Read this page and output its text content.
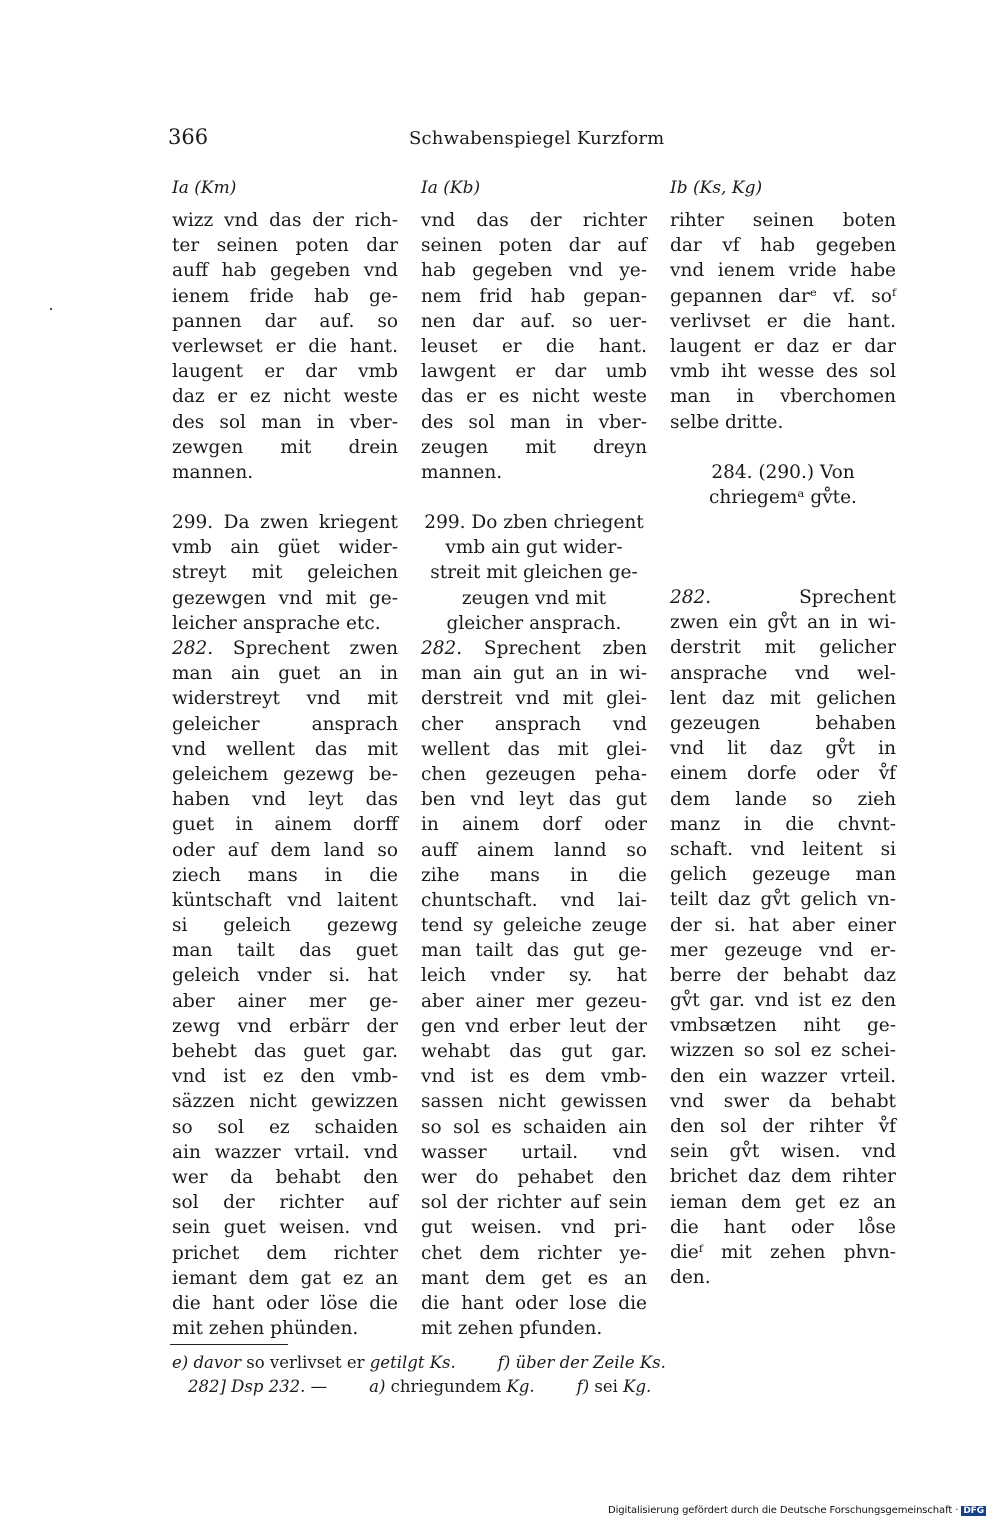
366	Schwabenspiegel Kurzform
Ia (Km)
wizz vnd das der rich-
ter seinen poten dar
auff hab gegeben vnd
ienem fride hab ge-
pannen dar auf. so
verlewset er die hant.
laugent er dar vmb
daz er ez nicht weste
des sol man in vber-
zewgen mit drein
mannen.
299. Da zwen kriegent
vmb ain güet wider-
streyt mit geleichen
gezewgen vnd mit ge-
leicher ansprache etc.
282. Sprechent zwen
man ain guet an in
widerstreyt vnd mit
geleicher ansprach
vnd wellent das mit
geleichem gezewg be-
haben vnd leyt das
guet in ainem dorff
oder auf dem land so
ziech mans in die
küntschaft vnd laitent
si geleich gezewg
man tailt das guet
geleich vnder si. hat
aber ainer mer ge-
zewg vnd erbärr der
behebt das guet gar.
vnd ist ez den vmb-
säzzen nicht gewizzen
so sol ez schaiden
ain wazzer vrtail. vnd
wer da behabt den
sol der richter auf
sein guet weisen. vnd
prichet dem richter
iemant dem gat ez an
die hant oder löse die
mit zehen phünden.
Ia (Kb)
vnd das der richter
seinen poten dar auf
hab gegeben vnd ye-
nem frid hab gepan-
nen dar auf. so uer-
leuset er die hant.
lawgent er dar umb
das er es nicht weste
des sol man in vber-
zeugen mit dreyn
mannen.
299. Do zben chriegent
vmb ain gut wider-
streit mit gleichen ge-
zeugen vnd mit
gleicher ansprach.
282. Sprechent zben
man ain gut an in wi-
derstreit vnd mit glei-
cher ansprach vnd
wellent das mit glei-
chen gezeugen peha-
ben vnd leyt das gut
in ainem dorf oder
auff ainem lannd so
zihe mans in die
chuntschaft. vnd lai-
tend sy geleiche zeuge
man tailt das gut ge-
leich vnder sy. hat
aber ainer mer gezeu-
gen vnd erber leut der
wehabt das gut gar.
vnd ist es dem vmb-
sassen nicht gewissen
so sol es schaiden ain
wasser urtail. vnd
wer do pehabet den
sol der richter auf sein
gut weisen. vnd pri-
chet dem richter ye-
mant dem get es an
die hant oder lose die
mit zehen pfunden.
Ib (Ks, Kg)
rihter seinen boten
dar vf hab gegeben
vnd ienem vride habe
gepannen darᵉ vf. soᶠ
verlivset er die hant.
laugent er daz er dar
vmb iht wesse des sol
man in vberchomen
selbe dritte.
284. (290.) Von
chriegemᵃ gv̊te.
282. Sprechent
zwen ein gv̊t an in wi-
derstrit mit gelicher
ansprache vnd wel-
lent daz mit gelichen
gezeugen behaben
vnd lit daz gv̊t in
einem dorfe oder v̊f
dem lande so zieh
manz in die chvnt-
schaft. vnd leitent si
gelich gezeuge man
teilt daz gv̊t gelich vn-
der si. hat aber einer
mer gezeuge vnd er-
berre der behabt daz
gv̊t gar. vnd ist ez den
vmbsætzen niht ge-
wizzen so sol ez schei-
den ein wazzer vrteil.
vnd swer da behabt
den sol der rihter v̊f
sein gv̊t wisen. vnd
brichet daz dem rihter
ieman dem get ez an
die hant oder lo̊se
dieᶠ mit zehen phvn-
den.
e) davor so verlivset er getilgt Ks.        f) über der Zeile Ks.
282] Dsp 232. —        a) chriegundem Kg.        f) sei Kg.
Digitalisierung gefördert durch die Deutsche Forschungsgemeinschaft · DFG
